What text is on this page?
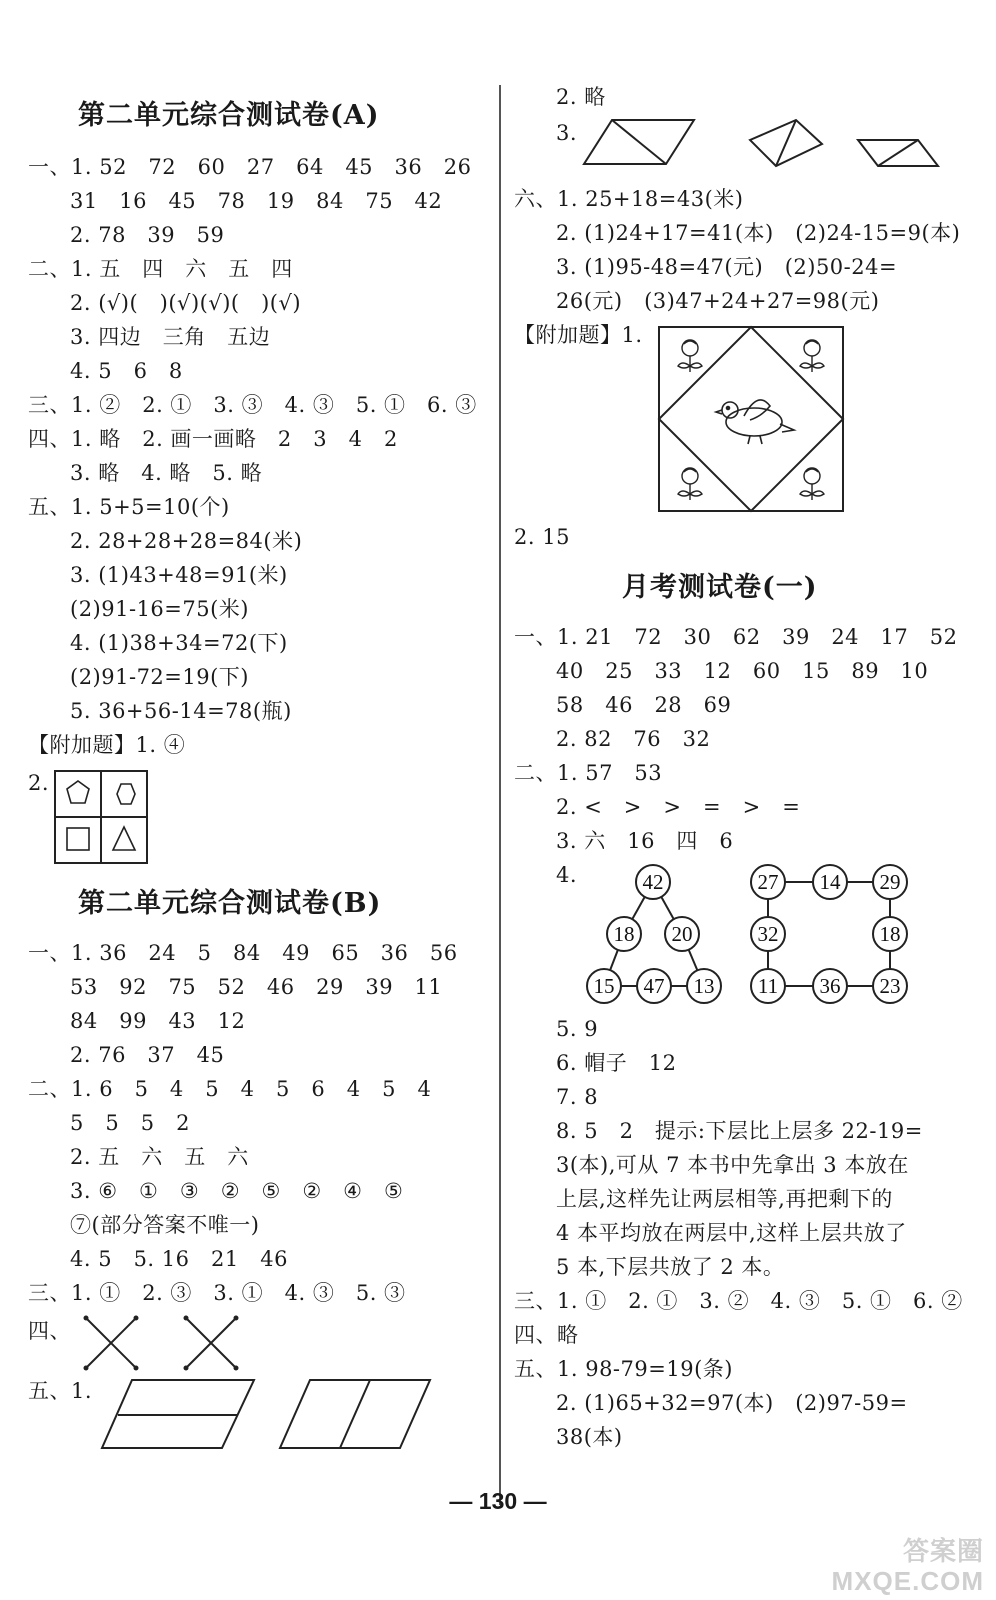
第二单元综合测试卷(A)
一、1. 52　72　60　27　64　45　36　26
31　16　45　78　19　84　75　42
2. 78　39　59
二、1. 五　四　六　五　四
2. (√)(　)(√)(√)(　)(√)
3. 四边　三角　五边
4. 5　6　8
三、1. ②　2. ①　3. ③　4. ③　5. ①　6. ③
四、1. 略　2. 画一画略　2　3　4　2
3. 略　4. 略　5. 略
五、1. 5+5=10(个)
2. 28+28+28=84(米)
3. (1)43+48=91(米)
(2)91-16=75(米)
4. (1)38+34=72(下)
(2)91-72=19(下)
5. 36+56-14=78(瓶)
【附加题】1. ④
2.
第二单元综合测试卷(B)
一、1. 36　24　5　84　49　65　36　56
53　92　75　52　46　29　39　11
84　99　43　12
2. 76　37　45
二、1. 6　5　4　5　4　5　6　4　5　4
5　5　5　2
2. 五　六　五　六
3. ⑥　①　③　②　⑤　②　④　⑤
⑦(部分答案不唯一)
4. 5　5. 16　21　46
三、1. ①　2. ③　3. ①　4. ③　5. ③
四、
五、1.
2. 略
3.
六、1. 25+18=43(米)
2. (1)24+17=41(本)　(2)24-15=9(本)
3. (1)95-48=47(元)　(2)50-24=
26(元)　(3)47+24+27=98(元)
【附加题】1.
2. 15
月考测试卷(一)
一、1. 21　72　30　62　39　24　17　52
40　25　33　12　60　15　89　10
58　46　28　69
2. 82　76　32
二、1. 57　53
2. <　>　>　=　>　=
3. 六　16　四　6
4.	42
18 20
15 47 13
27 14 29
32	18
11 36 23
5. 9
6. 帽子　12
7. 8
8. 5　2　提示:下层比上层多 22-19=
3(本),可从 7 本书中先拿出 3 本放在
上层,这样先让两层相等,再把剩下的
4 本平均放在两层中,这样上层共放了
5 本,下层共放了 2 本。
三、1. ①　2. ①　3. ②　4. ③　5. ①　6. ②
四、略
五、1. 98-79=19(条)
2. (1)65+32=97(本)　(2)97-59=
38(本)
— 130 —
答案圈
MXQE.COM
